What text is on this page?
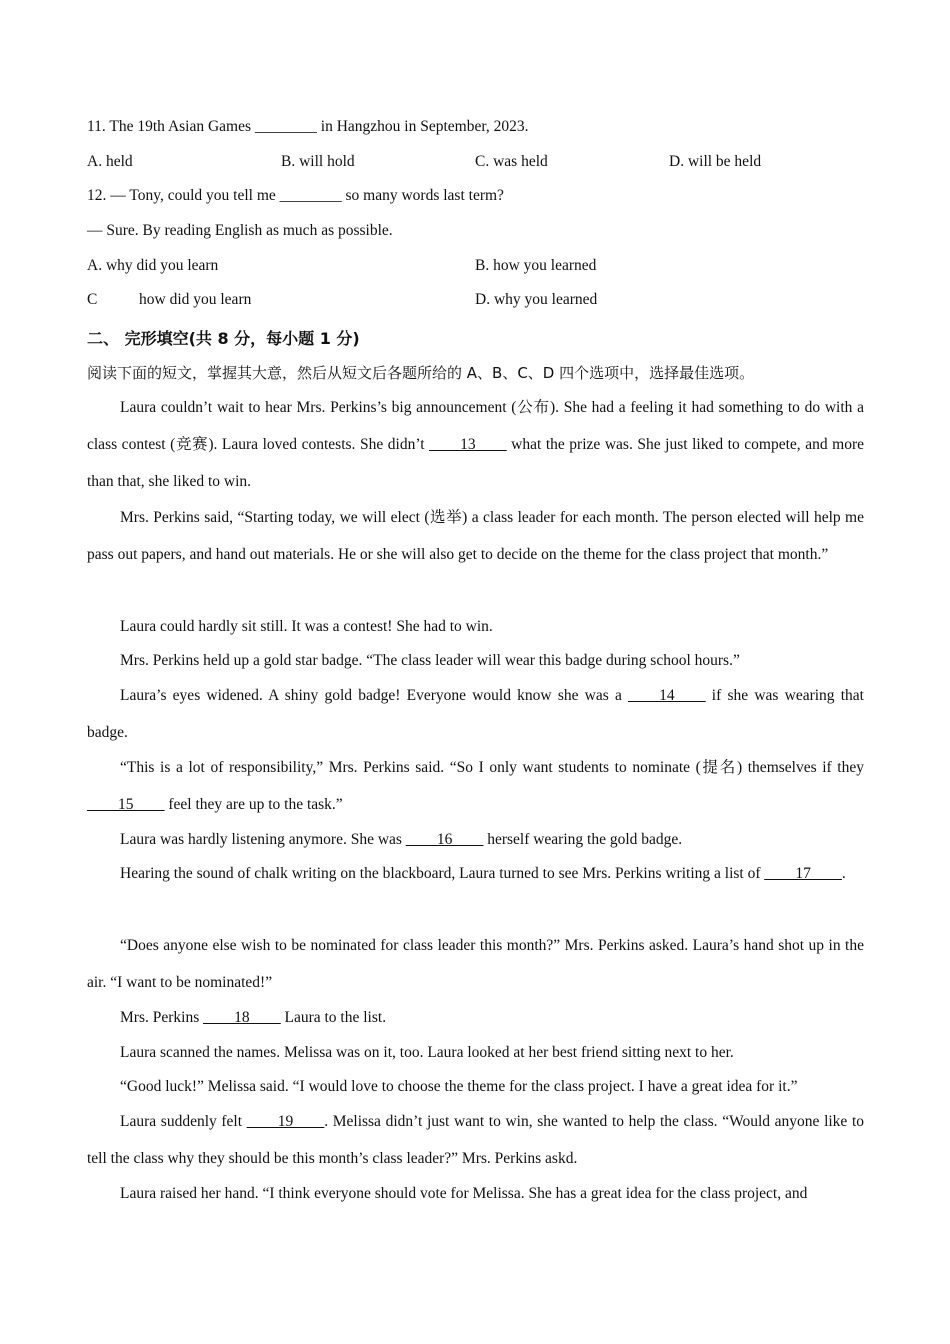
11. The 19th Asian Games ________ in Hangzhou in September, 2023.
A. held	B. will hold	C. was held	D. will be held
12. — Tony, could you tell me ________ so many words last term?
— Sure. By reading English as much as possible.
A. why did you learn	B. how you learned
C	how did you learn	D. why you learned
二、 完形填空(共 8 分，每小题 1 分)
阅读下面的短文，掌握其大意，然后从短文后各题所给的 A、B、C、D 四个选项中，选择最佳选项。
Laura couldn’t wait to hear Mrs. Perkins’s big announcement (公布). She had a feeling it had something to do with a class contest (竞赛). Laura loved contests. She didn’t ____13____ what the prize was. She just liked to compete, and more than that, she liked to win.
Mrs. Perkins said, “Starting today, we will elect (选举) a class leader for each month. The person elected will help me pass out papers, and hand out materials. He or she will also get to decide on the theme for the class project that month.”
Laura could hardly sit still. It was a contest! She had to win.
Mrs. Perkins held up a gold star badge. “The class leader will wear this badge during school hours.”
Laura’s eyes widened. A shiny gold badge! Everyone would know she was a ____14____ if she was wearing that badge.
“This is a lot of responsibility,” Mrs. Perkins said. “So I only want students to nominate (提名) themselves if they ____15____ feel they are up to the task.”
Laura was hardly listening anymore. She was ____16____ herself wearing the gold badge.
Hearing the sound of chalk writing on the blackboard, Laura turned to see Mrs. Perkins writing a list of ____17____.
“Does anyone else wish to be nominated for class leader this month?” Mrs. Perkins asked. Laura’s hand shot up in the air. “I want to be nominated!”
Mrs. Perkins ____18____ Laura to the list.
Laura scanned the names. Melissa was on it, too. Laura looked at her best friend sitting next to her.
“Good luck!” Melissa said. “I would love to choose the theme for the class project. I have a great idea for it.”
Laura suddenly felt ____19____. Melissa didn’t just want to win, she wanted to help the class. “Would anyone like to tell the class why they should be this month’s class leader?” Mrs. Perkins askd.
Laura raised her hand. “I think everyone should vote for Melissa. She has a great idea for the class project, and
